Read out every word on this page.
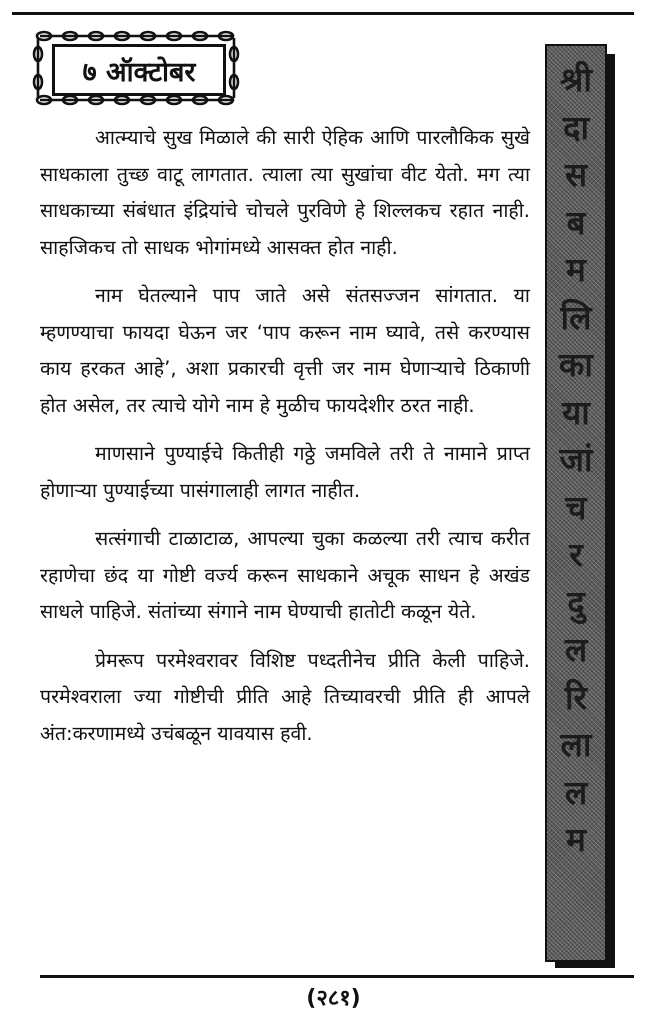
७ ऑक्टोबर

आत्म्याचे सुख मिळाले की सारी ऐहिक आणि पारलौकिक सुखे साधकाला तुच्छ वाटू लागतात. त्याला त्या सुखांचा वीट येतो. मग त्या साधकाच्या संबंधात इंद्रियांचे चोचले पुरविणे हे शिल्लकच रहात नाही. साहजिकच तो साधक भोगांमध्ये आसक्त होत नाही.

नाम घेतल्याने पाप जाते असे संतसज्जन सांगतात. या म्हणण्याचा फायदा घेऊन जर ‘पाप करून नाम घ्यावे, तसे करण्यास काय हरकत आहे’, अशा प्रकारची वृत्ती जर नाम घेणाऱ्याचे ठिकाणी होत असेल, तर त्याचे योगे नाम हे मुळीच फायदेशीर ठरत नाही.

माणसाने पुण्याईचे कितीही गठ्ठे जमविले तरी ते नामाने प्राप्त होणाऱ्या पुण्याईच्या पासंगालाही लागत नाहीत.

सत्संगाची टाळाटाळ, आपल्या चुका कळल्या तरी त्याच करीत रहाणेचा छंद या गोष्टी वर्ज्य करून साधकाने अचूक साधन हे अखंड साधले पाहिजे. संतांच्या संगाने नाम घेण्याची हातोटी कळून येते.

प्रेमरूप परमेश्वरावर विशिष्ट पध्दतीनेच प्रीति केली पाहिजे. परमेश्वराला ज्या गोष्टीची प्रीति आहे तिच्यावरची प्रीति ही आपले अंत:करणामध्ये उचंबळून यावयास हवी.

श्री
दा
स
ब
म
लि
का
या
जां
च
र
दु
ल
रि
ला
ल
म
(२८१)
